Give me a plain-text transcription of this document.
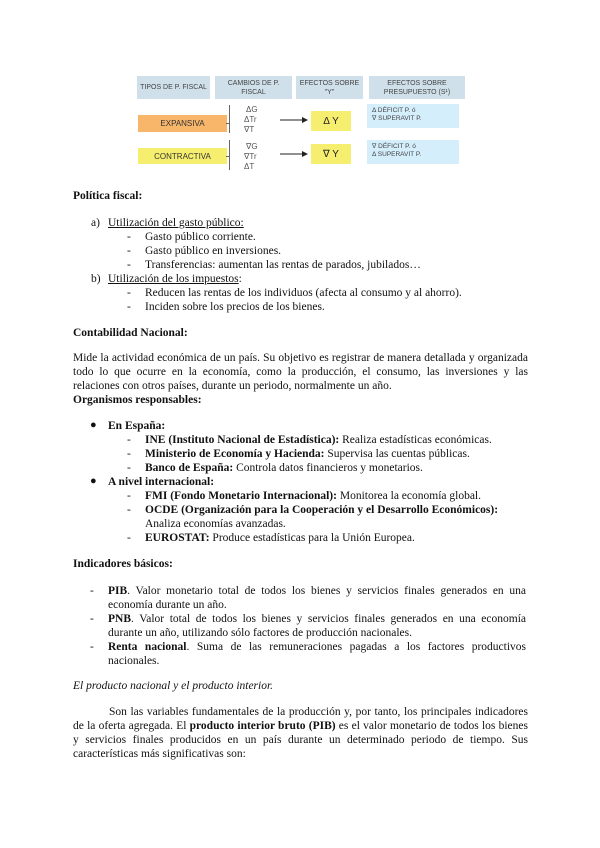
TIPOS DE P. FISCAL
CAMBIOS DE P. FISCAL
EFECTOS SOBRE "Y"
EFECTOS SOBRE PRESUPUESTO (S¹)
EXPANSIVA
ΔG
ΔTr
∇T
Δ Y
Δ DÉFICIT P. ó
∇ SUPERAVIT P.
CONTRACTIVA
∇G
∇Tr
ΔT
∇ Y
∇ DÉFICIT P. ó
Δ SUPERAVIT P.
Política fiscal:
a) Utilización del gasto público:
- Gasto público corriente.
- Gasto público en inversiones.
- Transferencias: aumentan las rentas de parados, jubilados…
b) Utilización de los impuestos:
- Reducen las rentas de los individuos (afecta al consumo y al ahorro).
- Inciden sobre los precios de los bienes.
Contabilidad Nacional:
Mide la actividad económica de un país. Su objetivo es registrar de manera detallada y organizada todo lo que ocurre en la economía, como la producción, el consumo, las inversiones y las relaciones con otros países, durante un periodo, normalmente un año.
Organismos responsables:
● En España:
- INE (Instituto Nacional de Estadística): Realiza estadísticas económicas.
- Ministerio de Economía y Hacienda: Supervisa las cuentas públicas.
- Banco de España: Controla datos financieros y monetarios.
● A nivel internacional:
- FMI (Fondo Monetario Internacional): Monitorea la economía global.
- OCDE (Organización para la Cooperación y el Desarrollo Económicos):
Analiza economías avanzadas.
- EUROSTAT: Produce estadísticas para la Unión Europea.
Indicadores básicos:
- PIB. Valor monetario total de todos los bienes y servicios finales generados en una economía durante un año.
- PNB. Valor total de todos los bienes y servicios finales generados en una economía durante un año, utilizando sólo factores de producción nacionales.
- Renta nacional. Suma de las remuneraciones pagadas a los factores productivos nacionales.
El producto nacional y el producto interior.
Son las variables fundamentales de la producción y, por tanto, los principales indicadores de la oferta agregada. El producto interior bruto (PIB) es el valor monetario de todos los bienes y servicios finales producidos en un país durante un determinado periodo de tiempo. Sus características más significativas son:
